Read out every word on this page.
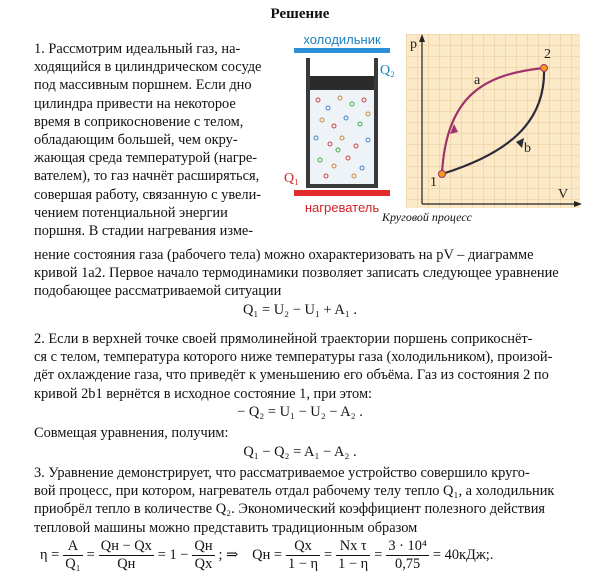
Решение
холодильник
Q₂
Q₁
нагреватель
p
V
1
2
a
b
Круговой процесс
1. Рассмотрим идеальный газ, на-
ходящийся в цилиндрическом сосуде
под массивным поршнем. Если дно
цилиндра привести на некоторое
время в соприкосновение с телом,
обладающим большей, чем окру-
жающая среда температурой (нагре-
вателем), то газ начнёт расширяться,
совершая работу, связанную с увели-
чением потенциальной энергии
поршня. В стадии нагревания изме-
нение состояния газа (рабочего тела) можно охарактеризовать на pV – диаграмме
кривой 1a2. Первое начало термодинамики позволяет записать следующее уравнение
подобающее рассматриваемой ситуации
Q₁ = U₂ − U₁ + A₁ .
2. Если в верхней точке своей прямолинейной траектории поршень соприкоснёт-
ся с телом, температура которого ниже температуры газа (холодильником), произой-
дёт охлаждение газа, что приведёт к уменьшению его объёма. Газ из состояния 2 по
кривой 2b1 вернётся в исходное состояние 1, при этом:
− Q₂ = U₁ − U₂ − A₂ .
Совмещая уравнения, получим:
Q₁ − Q₂ = A₁ − A₂ .
3. Уравнение демонстрирует, что рассматриваемое устройство совершило круго-
вой процесс, при котором, нагреватель отдал рабочему телу тепло Q₁, а холодильник
приобрёл тепло в количестве Q₂. Экономический коэффициент полезного действия
тепловой машины можно представить традиционным образом
$\eta = \frac{A}{\text{Q₁}} = \frac{Qн - Qx}{Qн} = 1 - \frac{Qн}{Qx}$ ; ⇒ Qн = $\frac{Qx}{1 - \eta} = \frac{\text{Nx τ}}{1 - \eta} = \frac{\text{3 · 10⁴}}{0,75} = 40кДж$;.
